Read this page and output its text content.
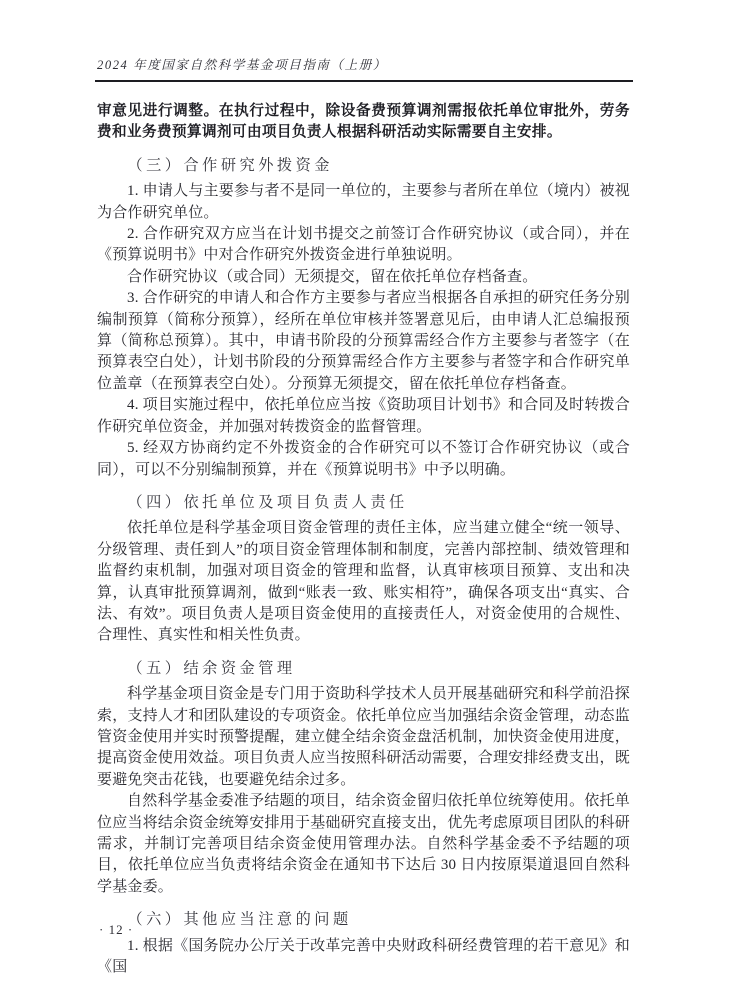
2024 年度国家自然科学基金项目指南（上册）

审意见进行调整。在执行过程中，除设备费预算调剂需报依托单位审批外，劳务费和业务费预算调剂可由项目负责人根据科研活动实际需要自主安排。

（三）合作研究外拨资金

1. 申请人与主要参与者不是同一单位的，主要参与者所在单位（境内）被视为合作研究单位。

2. 合作研究双方应当在计划书提交之前签订合作研究协议（或合同），并在《预算说明书》中对合作研究外拨资金进行单独说明。

合作研究协议（或合同）无须提交，留在依托单位存档备查。

3. 合作研究的申请人和合作方主要参与者应当根据各自承担的研究任务分别编制预算（简称分预算），经所在单位审核并签署意见后，由申请人汇总编报预算（简称总预算）。其中，申请书阶段的分预算需经合作方主要参与者签字（在预算表空白处），计划书阶段的分预算需经合作方主要参与者签字和合作研究单位盖章（在预算表空白处）。分预算无须提交，留在依托单位存档备查。

4. 项目实施过程中，依托单位应当按《资助项目计划书》和合同及时转拨合作研究单位资金，并加强对转拨资金的监督管理。

5. 经双方协商约定不外拨资金的合作研究可以不签订合作研究协议（或合同），可以不分别编制预算，并在《预算说明书》中予以明确。

（四）依托单位及项目负责人责任

依托单位是科学基金项目资金管理的责任主体，应当建立健全“统一领导、分级管理、责任到人”的项目资金管理体制和制度，完善内部控制、绩效管理和监督约束机制，加强对项目资金的管理和监督，认真审核项目预算、支出和决算，认真审批预算调剂，做到“账表一致、账实相符”，确保各项支出“真实、合法、有效”。项目负责人是项目资金使用的直接责任人，对资金使用的合规性、合理性、真实性和相关性负责。

（五）结余资金管理

科学基金项目资金是专门用于资助科学技术人员开展基础研究和科学前沿探索，支持人才和团队建设的专项资金。依托单位应当加强结余资金管理，动态监管资金使用并实时预警提醒，建立健全结余资金盘活机制，加快资金使用进度，提高资金使用效益。项目负责人应当按照科研活动需要，合理安排经费支出，既要避免突击花钱，也要避免结余过多。

自然科学基金委准予结题的项目，结余资金留归依托单位统筹使用。依托单位应当将结余资金统筹安排用于基础研究直接支出，优先考虑原项目团队的科研需求，并制订完善项目结余资金使用管理办法。自然科学基金委不予结题的项目，依托单位应当负责将结余资金在通知书下达后 30 日内按原渠道退回自然科学基金委。

（六）其他应当注意的问题

1. 根据《国务院办公厅关于改革完善中央财政科研经费管理的若干意见》和《国

· 12 ·
